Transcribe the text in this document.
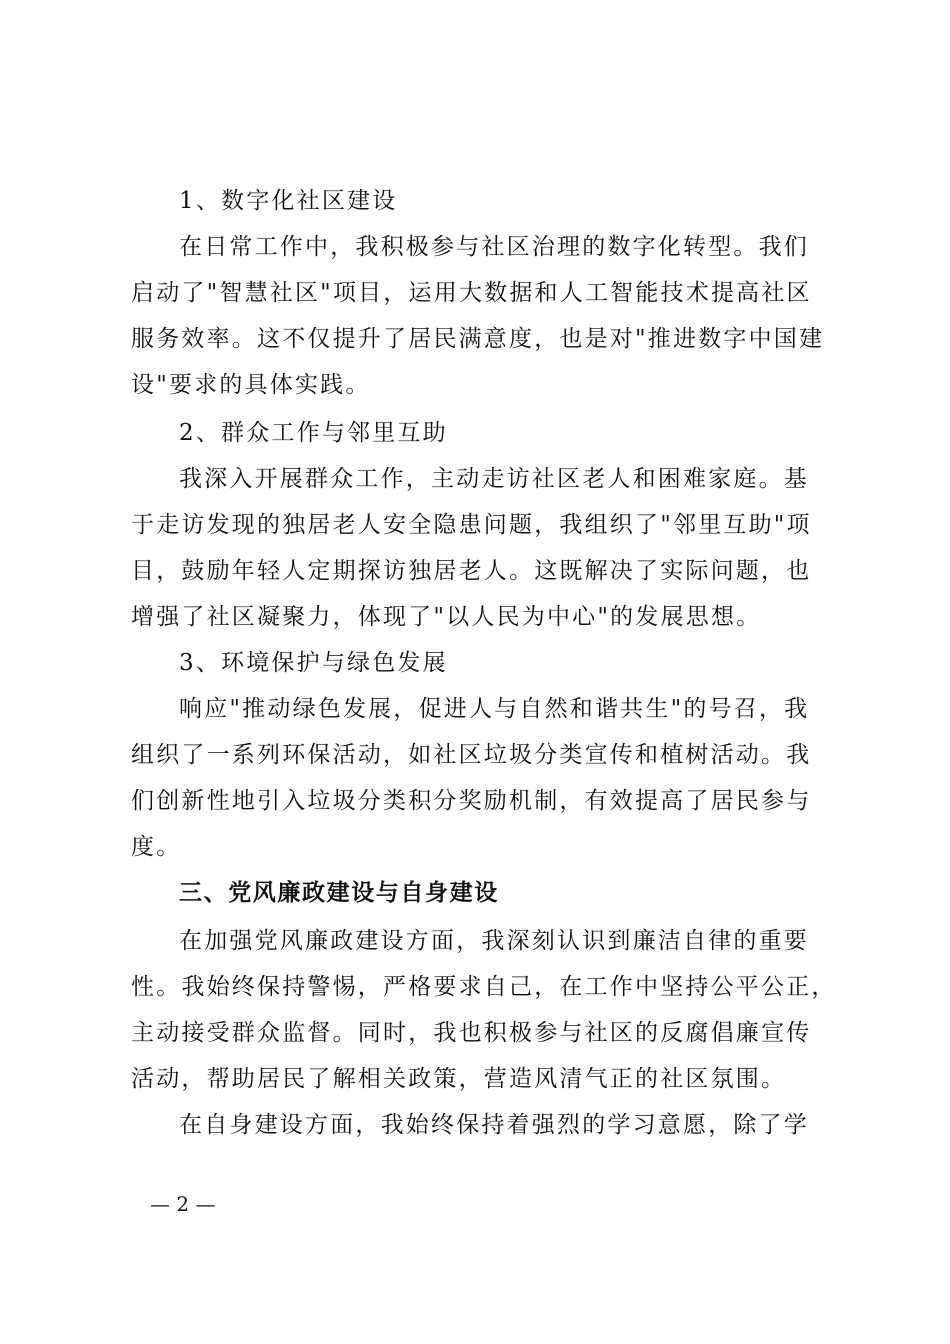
1、数字化社区建设
在日常工作中，我积极参与社区治理的数字化转型。我们
启动了"智慧社区"项目，运用大数据和人工智能技术提高社区
服务效率。这不仅提升了居民满意度，也是对"推进数字中国建
设"要求的具体实践。
2、群众工作与邻里互助
我深入开展群众工作，主动走访社区老人和困难家庭。基
于走访发现的独居老人安全隐患问题，我组织了"邻里互助"项
目，鼓励年轻人定期探访独居老人。这既解决了实际问题，也
增强了社区凝聚力，体现了"以人民为中心"的发展思想。
3、环境保护与绿色发展
响应"推动绿色发展，促进人与自然和谐共生"的号召，我
组织了一系列环保活动，如社区垃圾分类宣传和植树活动。我
们创新性地引入垃圾分类积分奖励机制，有效提高了居民参与
度。
三、党风廉政建设与自身建设
在加强党风廉政建设方面，我深刻认识到廉洁自律的重要
性。我始终保持警惕，严格要求自己，在工作中坚持公平公正，
主动接受群众监督。同时，我也积极参与社区的反腐倡廉宣传
活动，帮助居民了解相关政策，营造风清气正的社区氛围。
在自身建设方面，我始终保持着强烈的学习意愿，除了学
— 2 —
